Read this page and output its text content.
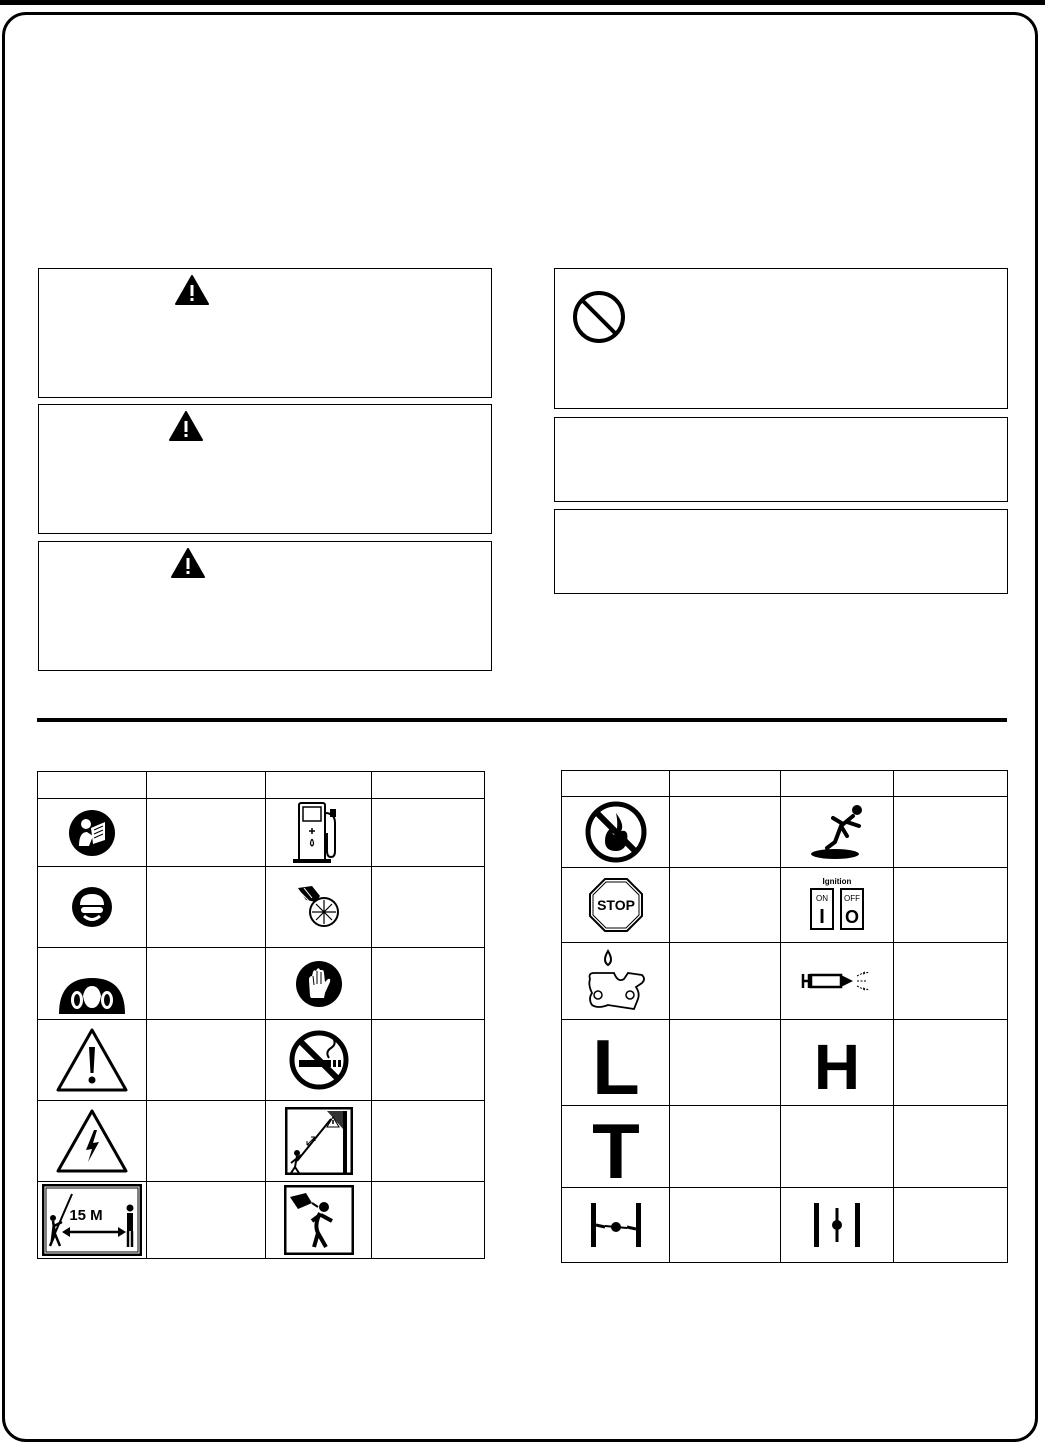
15 M

STOP		Ignition
ON OFF
I O	

L		H	

T			
